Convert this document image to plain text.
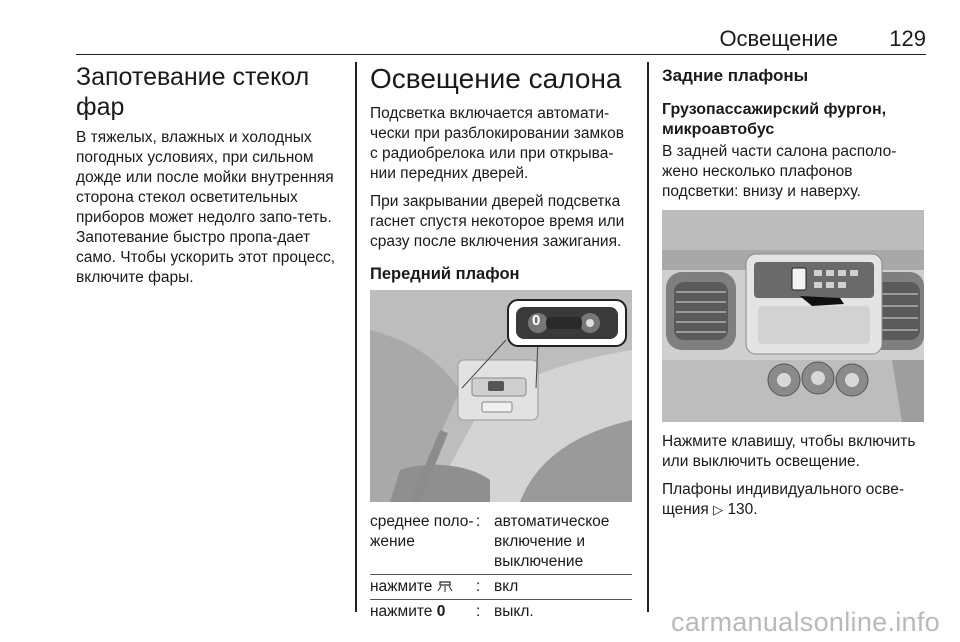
Освещение 129
Запотевание стекол фар

В тяжелых, влажных и холодных погодных условиях, при сильном дожде или после мойки внутренняя сторона стекол осветительных приборов может недолго запо-теть. Запотевание быстро пропа-дает само. Чтобы ускорить этот процесс, включите фары.

Освещение салона

Подсветка включается автомати-чески при разблокировании замков с радиобрелока или при открыва-нии передних дверей.

При закрывании дверей подсветка гаснет спустя некоторое время или сразу после включения зажигания.

Передний плафон
0
среднее поло-жение
: автоматическое включение и выключение
нажмите	: вкл
нажмите 0	: выкл.
Задние плафоны
Грузопассажирский фургон, микроавтобус

В задней части салона располо-жено несколько плафонов подсветки: внизу и наверху.

Нажмите клавишу, чтобы включить или выключить освещение.

Плафоны индивидуального осве-щения ▷ 130.

carmanualsonline.info
